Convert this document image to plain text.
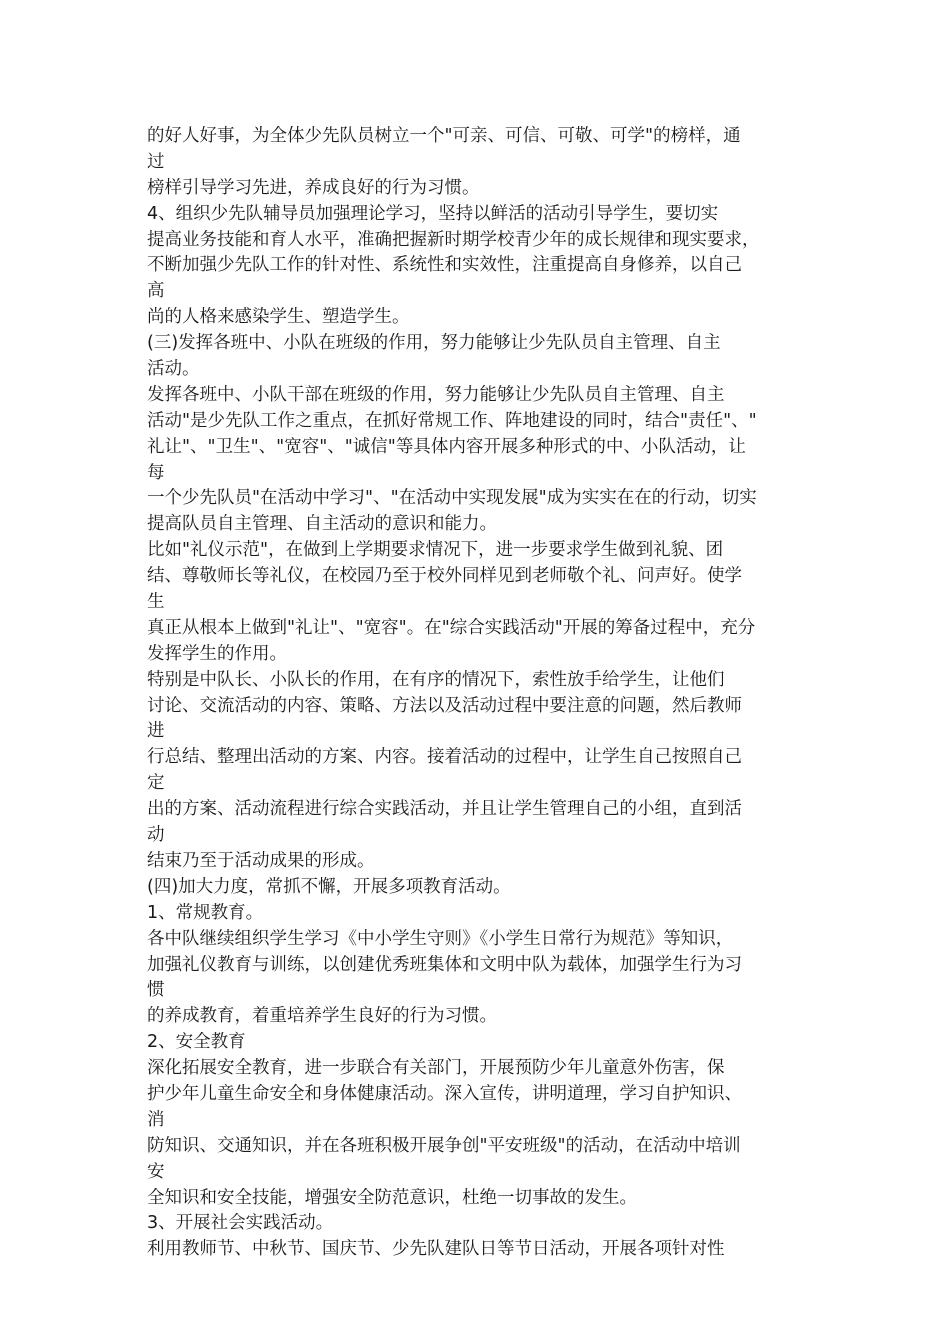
的好人好事，为全体少先队员树立一个"可亲、可信、可敬、可学"的榜样，通
过
榜样引导学习先进，养成良好的行为习惯。
4、组织少先队辅导员加强理论学习，坚持以鲜活的活动引导学生，要切实
提高业务技能和育人水平，准确把握新时期学校青少年的成长规律和现实要求，
不断加强少先队工作的针对性、系统性和实效性，注重提高自身修养，以自己
高
尚的人格来感染学生、塑造学生。
(三)发挥各班中、小队在班级的作用，努力能够让少先队员自主管理、自主
活动。
发挥各班中、小队干部在班级的作用，努力能够让少先队员自主管理、自主
活动"是少先队工作之重点，在抓好常规工作、阵地建设的同时，结合"责任"、"
礼让"、"卫生"、"宽容"、"诚信"等具体内容开展多种形式的中、小队活动，让
每
一个少先队员"在活动中学习"、"在活动中实现发展"成为实实在在的行动，切实
提高队员自主管理、自主活动的意识和能力。
比如"礼仪示范"，在做到上学期要求情况下，进一步要求学生做到礼貌、团
结、尊敬师长等礼仪，在校园乃至于校外同样见到老师敬个礼、问声好。使学
生
真正从根本上做到"礼让"、"宽容"。在"综合实践活动"开展的筹备过程中，充分
发挥学生的作用。
特别是中队长、小队长的作用，在有序的情况下，索性放手给学生，让他们
讨论、交流活动的内容、策略、方法以及活动过程中要注意的问题，然后教师
进
行总结、整理出活动的方案、内容。接着活动的过程中，让学生自己按照自己
定
出的方案、活动流程进行综合实践活动，并且让学生管理自己的小组，直到活
动
结束乃至于活动成果的形成。
(四)加大力度，常抓不懈，开展多项教育活动。
1、常规教育。
各中队继续组织学生学习《中小学生守则》《小学生日常行为规范》等知识，
加强礼仪教育与训练，以创建优秀班集体和文明中队为载体，加强学生行为习
惯
的养成教育，着重培养学生良好的行为习惯。
2、安全教育
深化拓展安全教育，进一步联合有关部门，开展预防少年儿童意外伤害，保
护少年儿童生命安全和身体健康活动。深入宣传，讲明道理，学习自护知识、
消
防知识、交通知识，并在各班积极开展争创"平安班级"的活动，在活动中培训
安
全知识和安全技能，增强安全防范意识，杜绝一切事故的发生。
3、开展社会实践活动。
利用教师节、中秋节、国庆节、少先队建队日等节日活动，开展各项针对性
